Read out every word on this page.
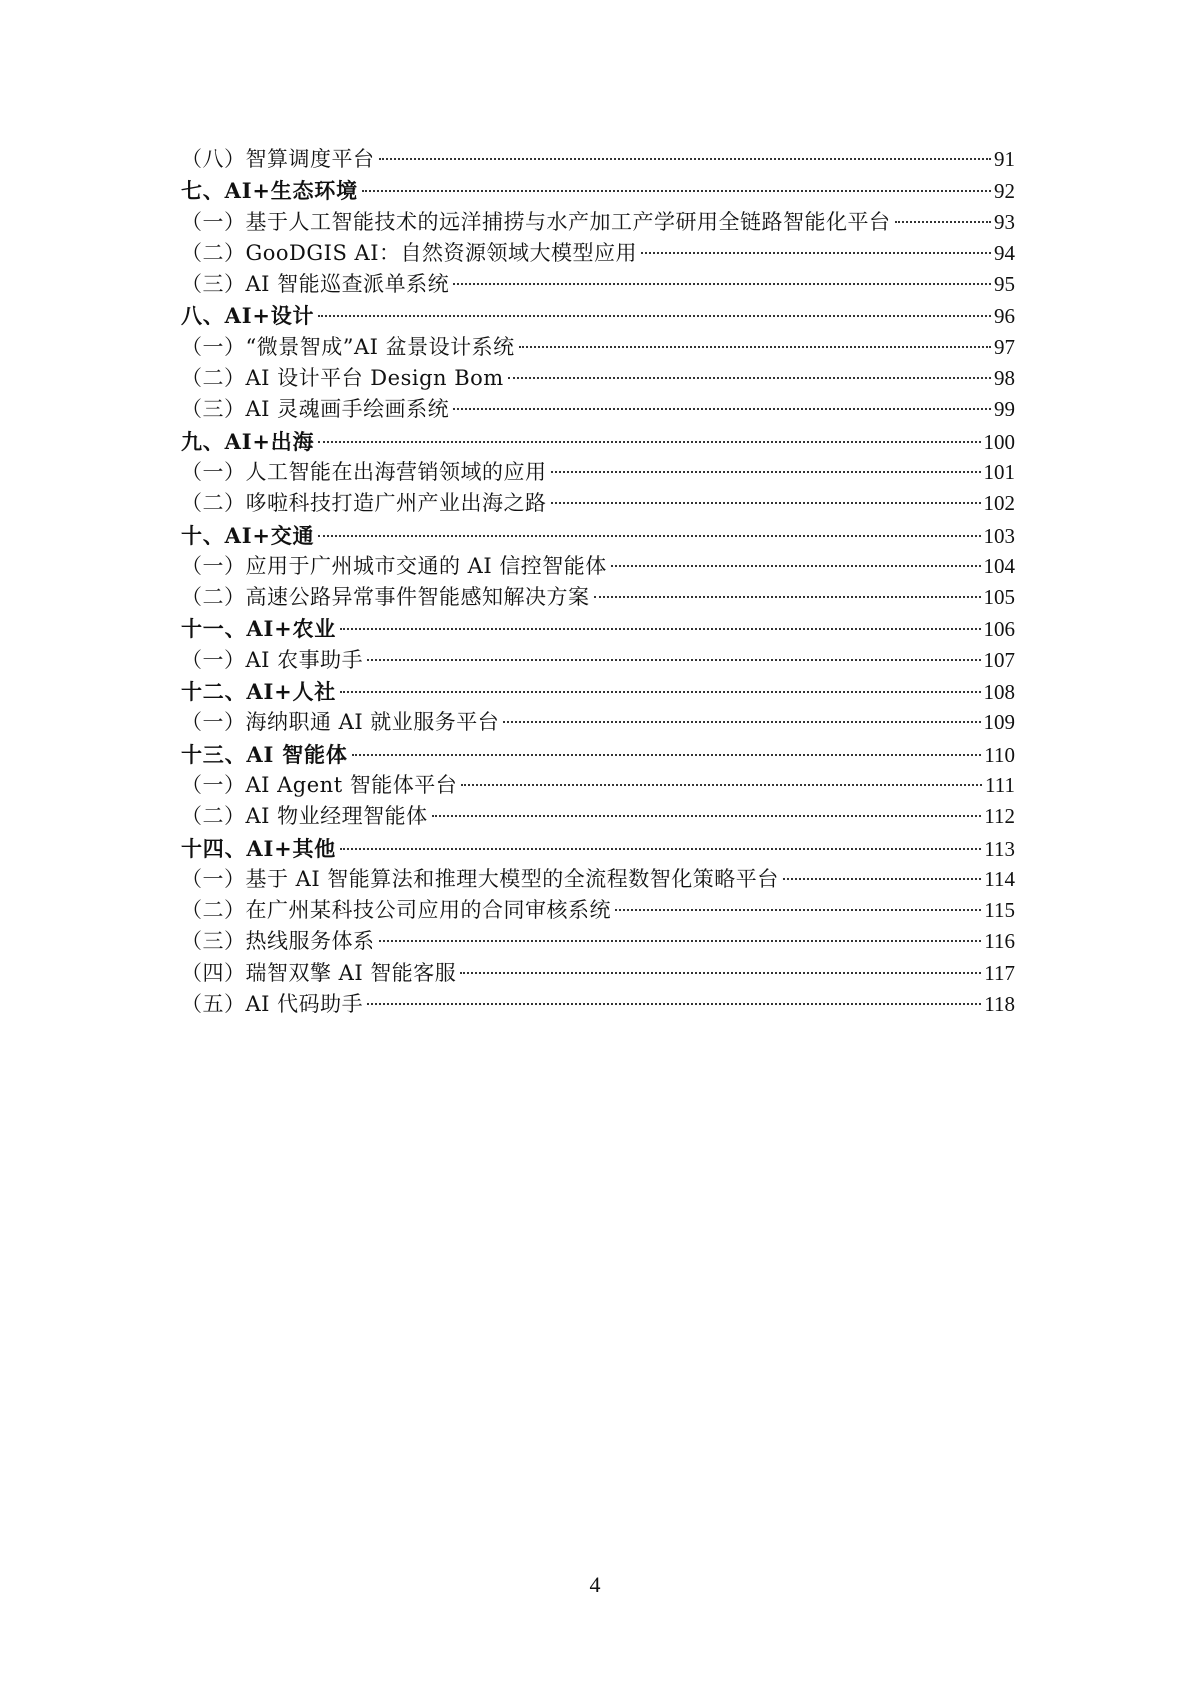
（八）智算调度平台	91
七、AI+生态环境	92
（一）基于人工智能技术的远洋捕捞与水产加工产学研用全链路智能化平台	93
（二）GooDGIS AI：自然资源领域大模型应用	94
（三）AI 智能巡查派单系统	95
八、AI+设计	96
（一）“微景智成”AI 盆景设计系统	97
（二）AI 设计平台 Design Bom	98
（三）AI 灵魂画手绘画系统	99
九、AI+出海	100
（一）人工智能在出海营销领域的应用	101
（二）哆啦科技打造广州产业出海之路	102
十、AI+交通	103
（一）应用于广州城市交通的 AI 信控智能体	104
（二）高速公路异常事件智能感知解决方案	105
十一、AI+农业	106
（一）AI 农事助手	107
十二、AI+人社	108
（一）海纳职通 AI 就业服务平台	109
十三、AI 智能体	110
（一）AI Agent 智能体平台	111
（二）AI 物业经理智能体	112
十四、AI+其他	113
（一）基于 AI 智能算法和推理大模型的全流程数智化策略平台	114
（二）在广州某科技公司应用的合同审核系统	115
（三）热线服务体系	116
（四）瑞智双擎 AI 智能客服	117
（五）AI 代码助手	118
4
